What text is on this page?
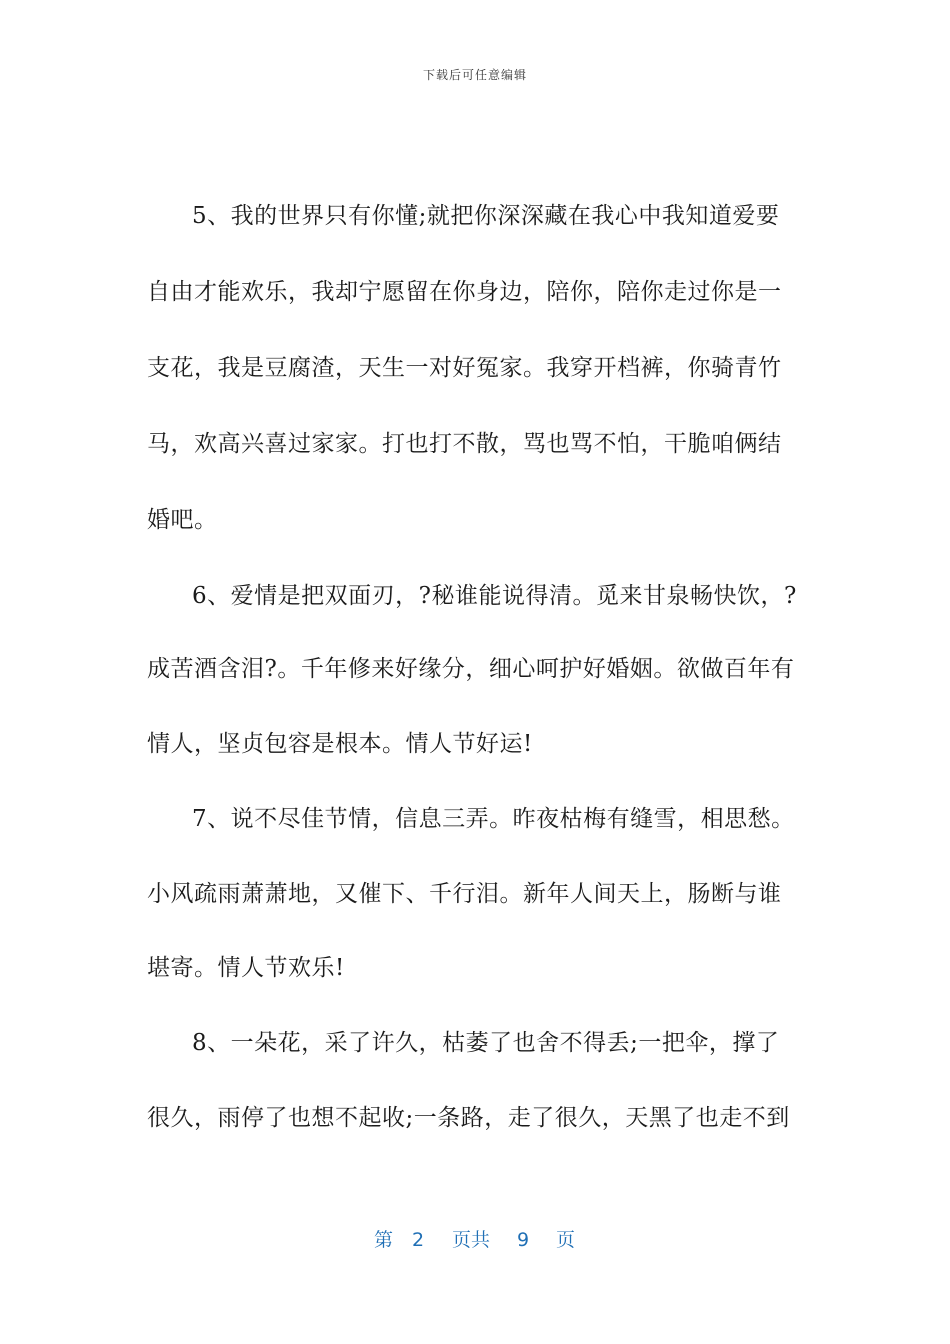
下载后可任意编辑
5、我的世界只有你懂;就把你深深藏在我心中我知道爱要
自由才能欢乐，我却宁愿留在你身边，陪你，陪你走过你是一
支花，我是豆腐渣，天生一对好冤家。我穿开档裤，你骑青竹
马，欢高兴喜过家家。打也打不散，骂也骂不怕，干脆咱俩结
婚吧。
6、爱情是把双面刃，?秘谁能说得清。觅来甘泉畅快饮，?
成苦酒含泪?。千年修来好缘分，细心呵护好婚姻。欲做百年有
情人，坚贞包容是根本。情人节好运!
7、说不尽佳节情，信息三弄。昨夜枯梅有缝雪，相思愁。
小风疏雨萧萧地，又催下、千行泪。新年人间天上，肠断与谁
堪寄。情人节欢乐!
8、一朵花，采了许久，枯萎了也舍不得丢;一把伞，撑了
很久，雨停了也想不起收;一条路，走了很久，天黑了也走不到
第 2 页共 9 页
